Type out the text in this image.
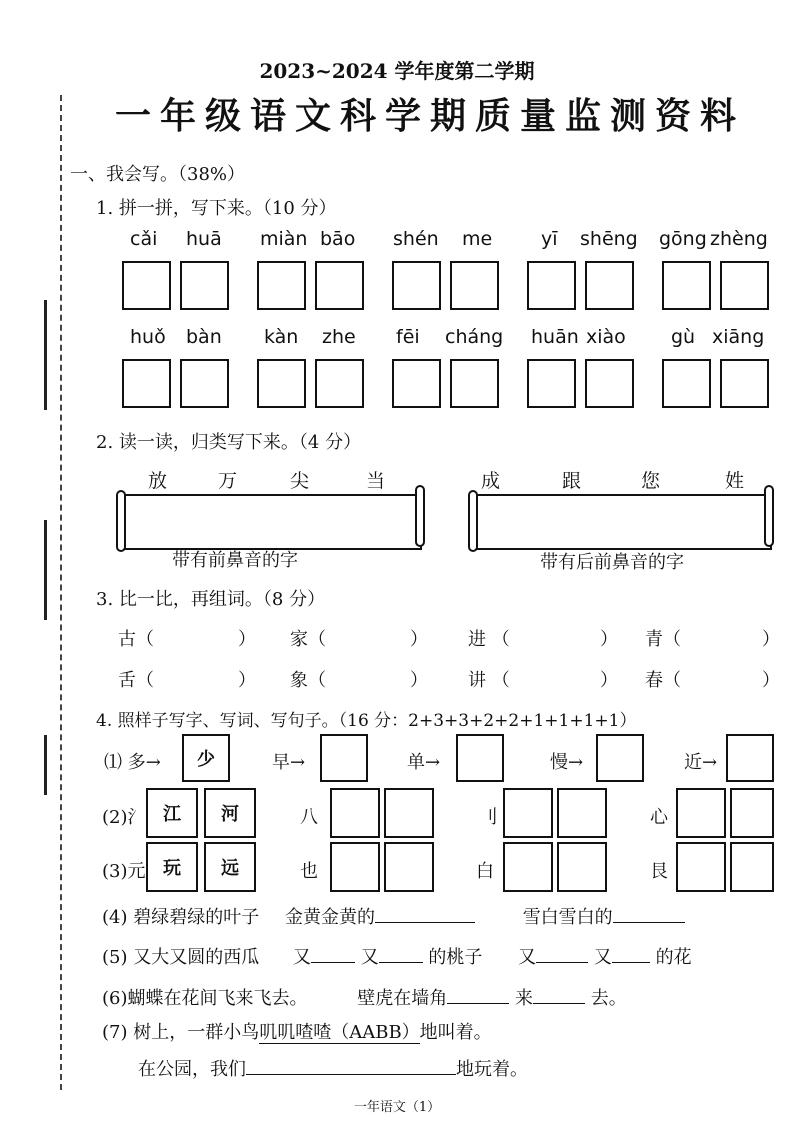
2023~2024 学年度第二学期
一年级语文科学期质量监测资料
一、我会写。（38%）
1. 拼一拼，写下来。（10 分）
cǎi huā miàn bāo shén me	yī shēng gōng zhèng
huǒ bàn kàn zhe fēi cháng huān xiào gù xiāng
2. 读一读，归类写下来。（4 分）
放	万	尖	当	成	跟	您	姓
带有前鼻音的字	带有后前鼻音的字
3. 比一比，再组词。（8 分）
古（	） 家（	） 进 （	） 青（	）
舌（	） 象（	） 讲 （	） 春（	）
4. 照样子写字、写词、写句子。（16 分：2+3+3+2+2+1+1+1+1）
⑴ 多→	少	早→	单→	慢→	近→
(2)氵 江	河	八	刂	心
(3)元 玩	远	也	白	艮
(4) 碧绿碧绿的叶子 金黄金黄的	雪白雪白的
(5) 又大又圆的西瓜 又	又	的桃子 又	又 的花
(6)蝴蝶在花间飞来飞去。	壁虎在墙角	来	去。
(7) 树上，一群小鸟叽叽喳喳（AABB）地叫着。
在公园，我们	地玩着。
一年语文（1）
